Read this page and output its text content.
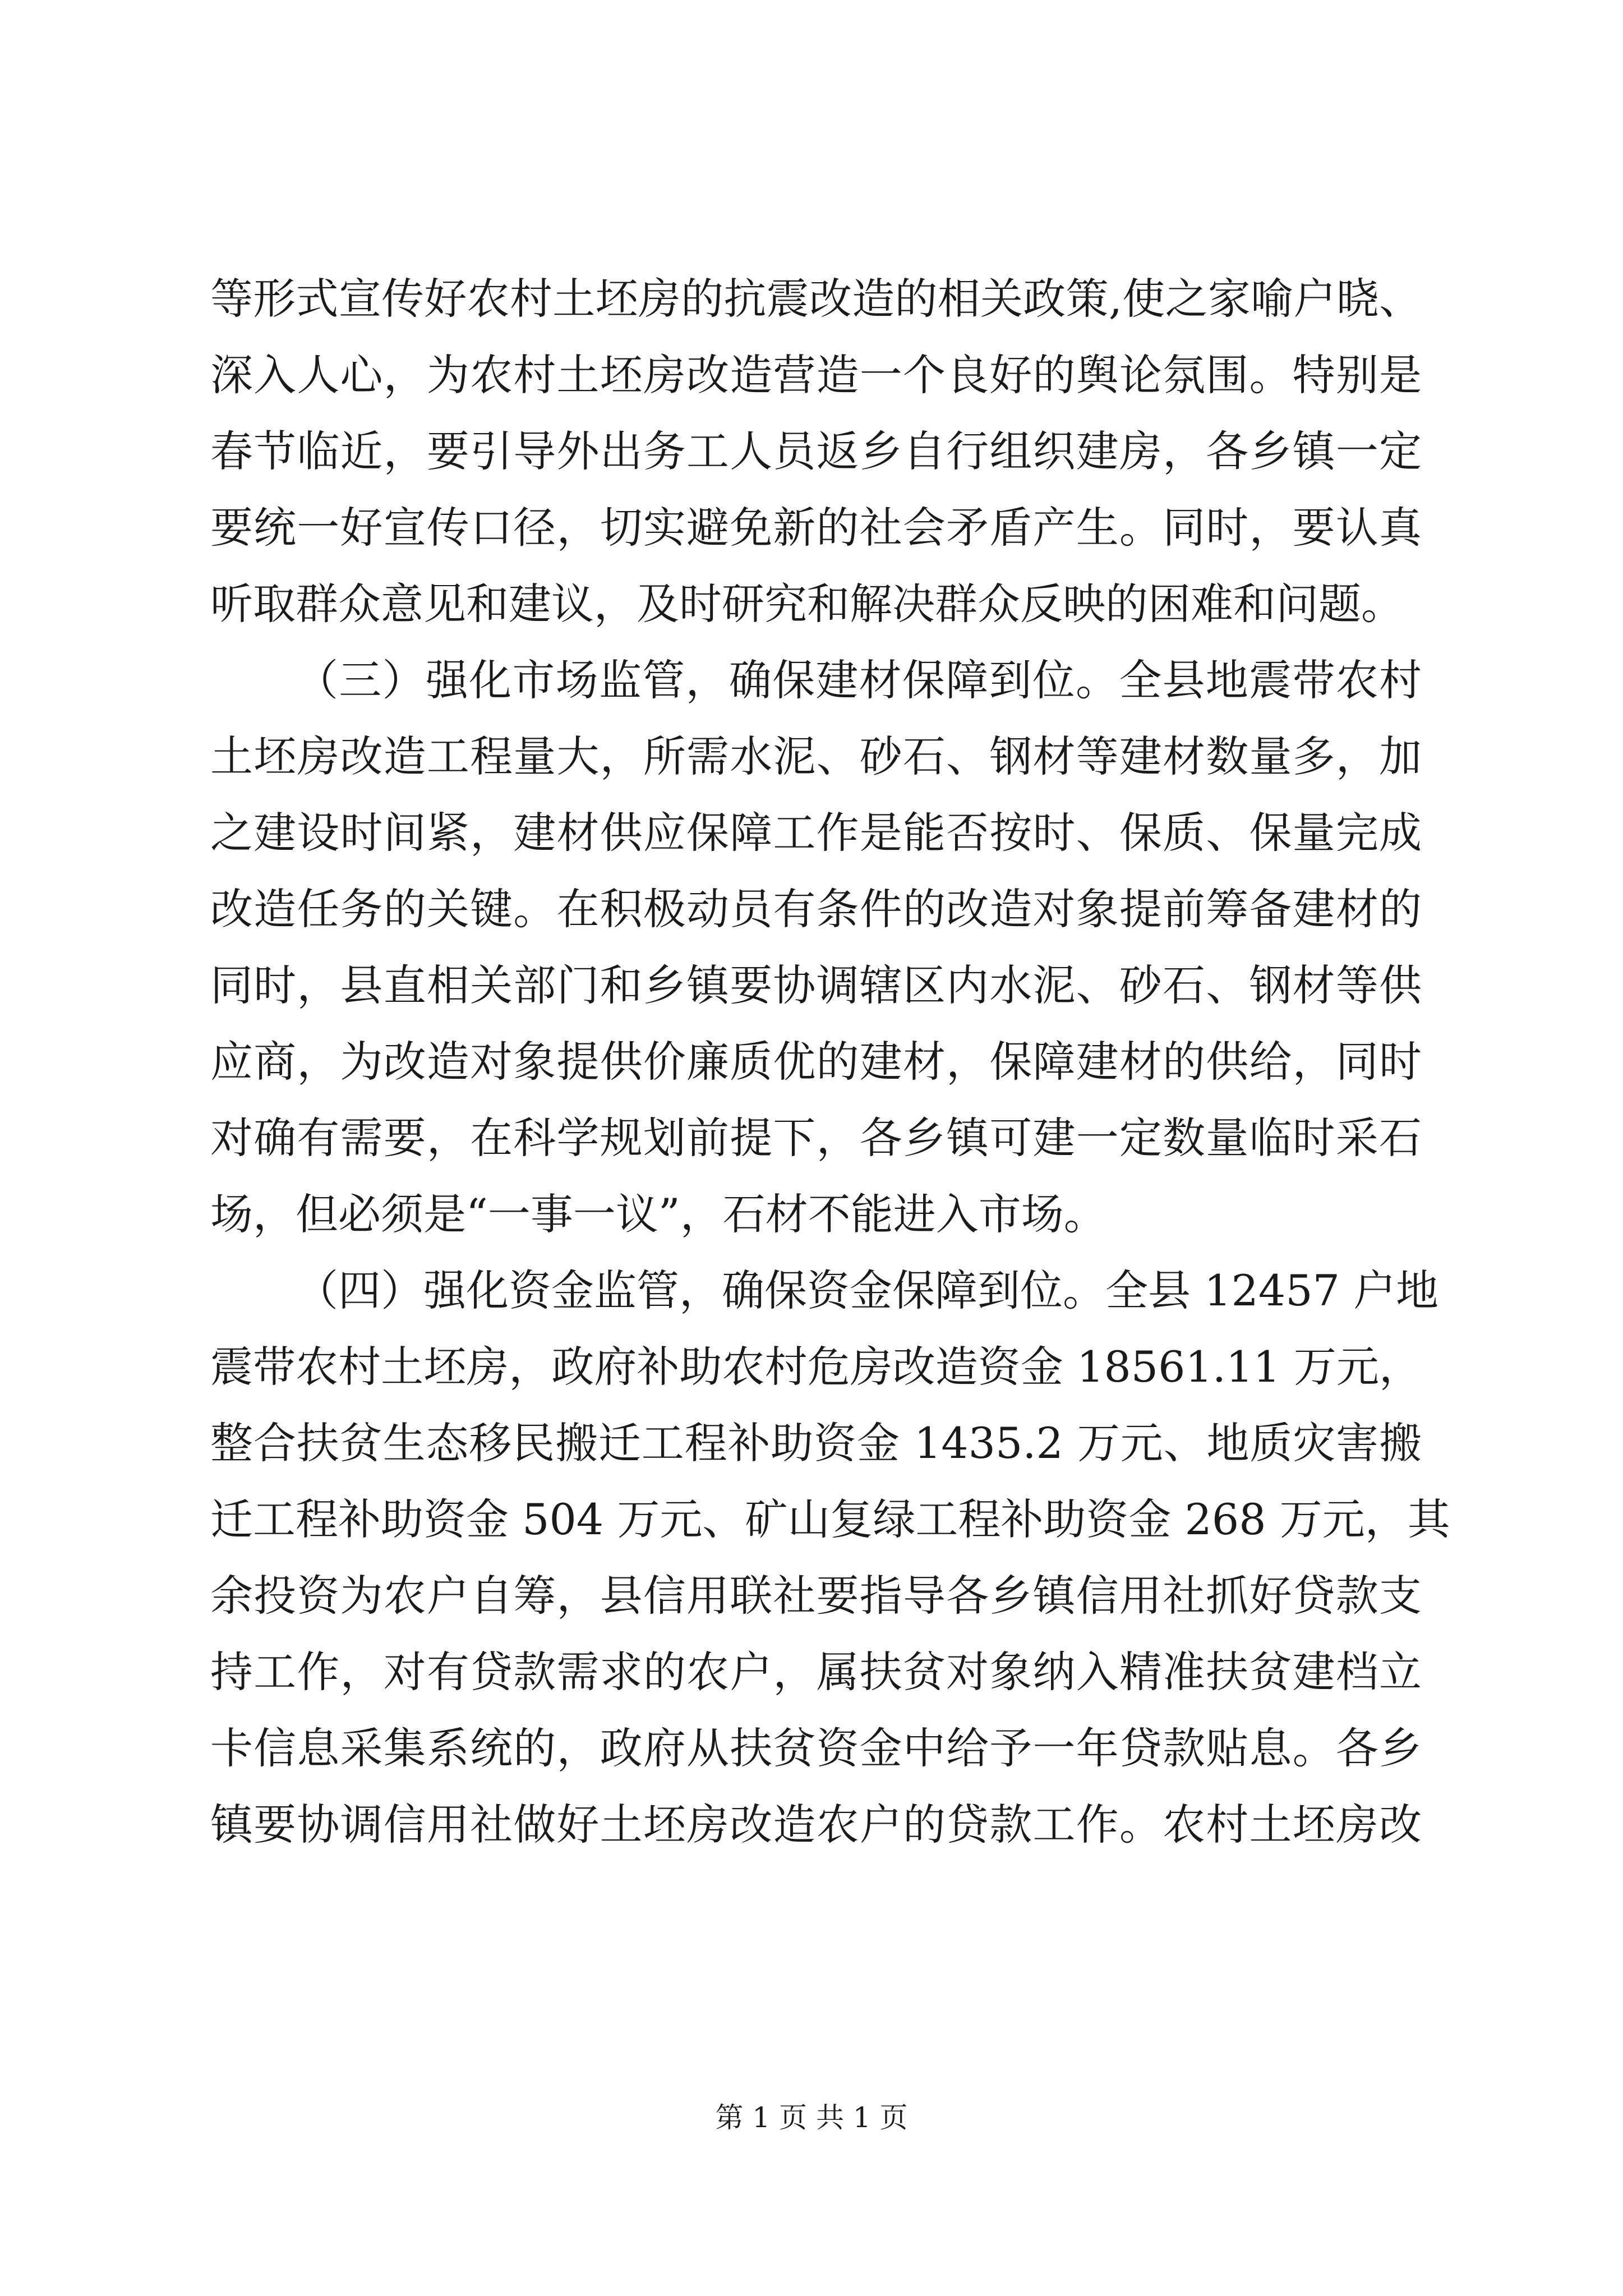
等形式宣传好农村土坯房的抗震改造的相关政策,使之家喻户晓、
深入人心，为农村土坯房改造营造一个良好的舆论氛围。特别是
春节临近，要引导外出务工人员返乡自行组织建房，各乡镇一定
要统一好宣传口径，切实避免新的社会矛盾产生。同时，要认真
听取群众意见和建议，及时研究和解决群众反映的困难和问题。
（三）强化市场监管，确保建材保障到位。全县地震带农村
土坯房改造工程量大，所需水泥、砂石、钢材等建材数量多，加
之建设时间紧，建材供应保障工作是能否按时、保质、保量完成
改造任务的关键。在积极动员有条件的改造对象提前筹备建材的
同时，县直相关部门和乡镇要协调辖区内水泥、砂石、钢材等供
应商，为改造对象提供价廉质优的建材，保障建材的供给，同时
对确有需要，在科学规划前提下，各乡镇可建一定数量临时采石
场，但必须是“一事一议”，石材不能进入市场。
（四）强化资金监管，确保资金保障到位。全县 12457 户地
震带农村土坯房，政府补助农村危房改造资金 18561.11 万元，
整合扶贫生态移民搬迁工程补助资金 1435.2 万元、地质灾害搬
迁工程补助资金 504 万元、矿山复绿工程补助资金 268 万元，其
余投资为农户自筹，县信用联社要指导各乡镇信用社抓好贷款支
持工作，对有贷款需求的农户，属扶贫对象纳入精准扶贫建档立
卡信息采集系统的，政府从扶贫资金中给予一年贷款贴息。各乡
镇要协调信用社做好土坯房改造农户的贷款工作。农村土坯房改
第 1 页 共 1 页
